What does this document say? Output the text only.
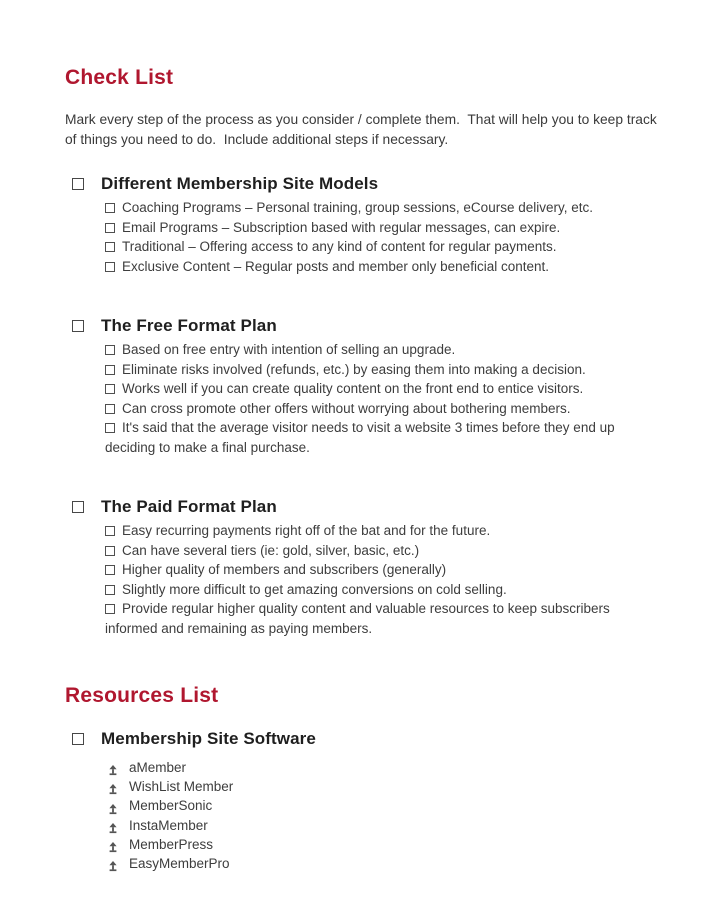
Check List

Mark every step of the process as you consider / complete them.  That will help you to keep track of things you need to do.  Include additional steps if necessary.

Different Membership Site Models
Coaching Programs – Personal training, group sessions, eCourse delivery, etc.
Email Programs – Subscription based with regular messages, can expire.
Traditional – Offering access to any kind of content for regular payments.
Exclusive Content – Regular posts and member only beneficial content.
The Free Format Plan
Based on free entry with intention of selling an upgrade.
Eliminate risks involved (refunds, etc.) by easing them into making a decision.
Works well if you can create quality content on the front end to entice visitors.
Can cross promote other offers without worrying about bothering members.
It's said that the average visitor needs to visit a website 3 times before they end up deciding to make a final purchase.
The Paid Format Plan
Easy recurring payments right off of the bat and for the future.
Can have several tiers (ie: gold, silver, basic, etc.)
Higher quality of members and subscribers (generally)
Slightly more difficult to get amazing conversions on cold selling.
Provide regular higher quality content and valuable resources to keep subscribers informed and remaining as paying members.
Resources List
Membership Site Software
aMember
WishList Member
MemberSonic
InstaMember
MemberPress
EasyMemberPro
